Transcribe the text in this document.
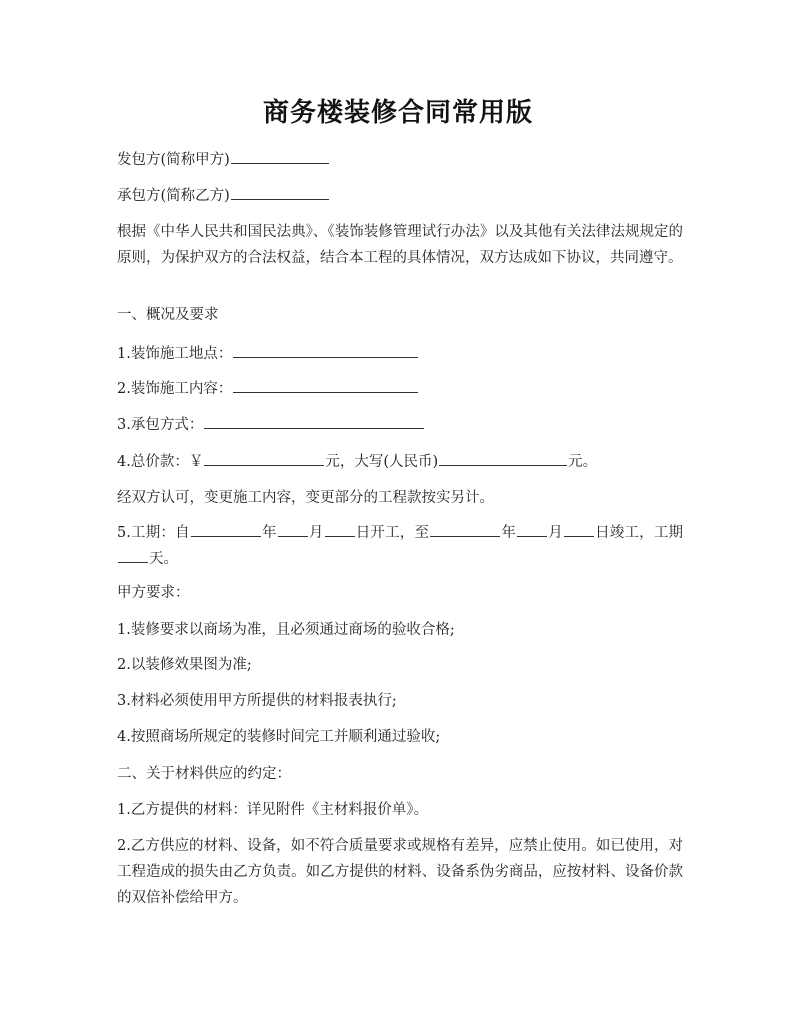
商务楼装修合同常用版
发包方(简称甲方)
承包方(简称乙方)
根据《中华人民共和国民法典》、《装饰装修管理试行办法》以及其他有关法律法规规定的原则，为保护双方的合法权益，结合本工程的具体情况，双方达成如下协议，共同遵守。
一、概况及要求
1.装饰施工地点：
2.装饰施工内容：
3.承包方式：
4.总价款：￥	元，大写(人民币)	元。
经双方认可，变更施工内容，变更部分的工程款按实另计。
5.工期：自	年 月 日开工，至	年 月 日竣工，工期天。
甲方要求：
1.装修要求以商场为准，且必须通过商场的验收合格;
2.以装修效果图为准;
3.材料必须使用甲方所提供的材料报表执行;
4.按照商场所规定的装修时间完工并顺利通过验收;
二、关于材料供应的约定：
1.乙方提供的材料：详见附件《主材料报价单》。
2.乙方供应的材料、设备，如不符合质量要求或规格有差异，应禁止使用。如已使用，对工程造成的损失由乙方负责。如乙方提供的材料、设备系伪劣商品，应按材料、设备价款的双倍补偿给甲方。
